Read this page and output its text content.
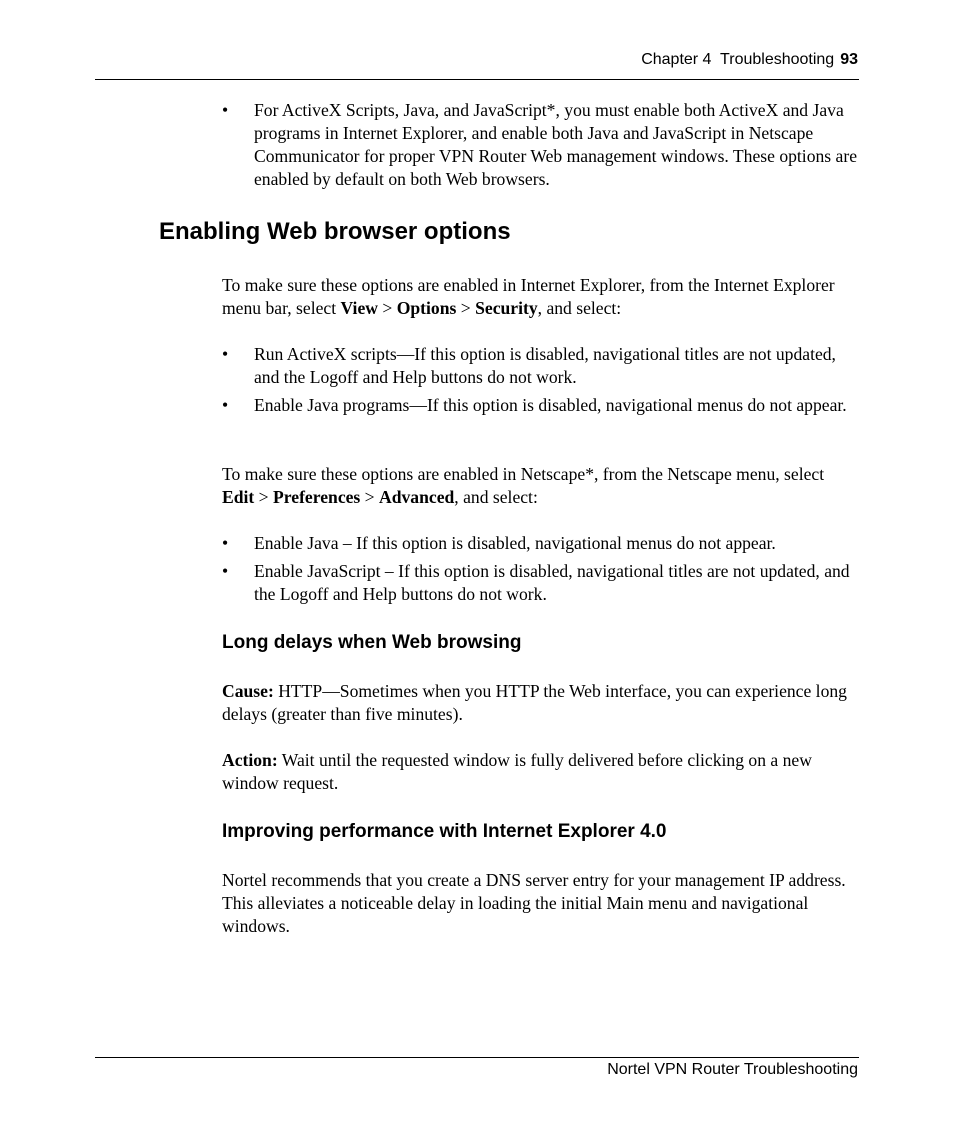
Chapter 4  Troubleshooting 93
• For ActiveX Scripts, Java, and JavaScript*, you must enable both ActiveX and Java programs in Internet Explorer, and enable both Java and JavaScript in Netscape Communicator for proper VPN Router Web management windows. These options are enabled by default on both Web browsers.
Enabling Web browser options
To make sure these options are enabled in Internet Explorer, from the Internet Explorer menu bar, select View > Options > Security, and select:
• Run ActiveX scripts—If this option is disabled, navigational titles are not updated, and the Logoff and Help buttons do not work.
• Enable Java programs—If this option is disabled, navigational menus do not appear.
To make sure these options are enabled in Netscape*, from the Netscape menu, select Edit > Preferences > Advanced, and select:
• Enable Java – If this option is disabled, navigational menus do not appear.
• Enable JavaScript – If this option is disabled, navigational titles are not updated, and the Logoff and Help buttons do not work.
Long delays when Web browsing
Cause: HTTP—Sometimes when you HTTP the Web interface, you can experience long delays (greater than five minutes).
Action: Wait until the requested window is fully delivered before clicking on a new window request.
Improving performance with Internet Explorer 4.0
Nortel recommends that you create a DNS server entry for your management IP address. This alleviates a noticeable delay in loading the initial Main menu and navigational windows.
Nortel VPN Router Troubleshooting
